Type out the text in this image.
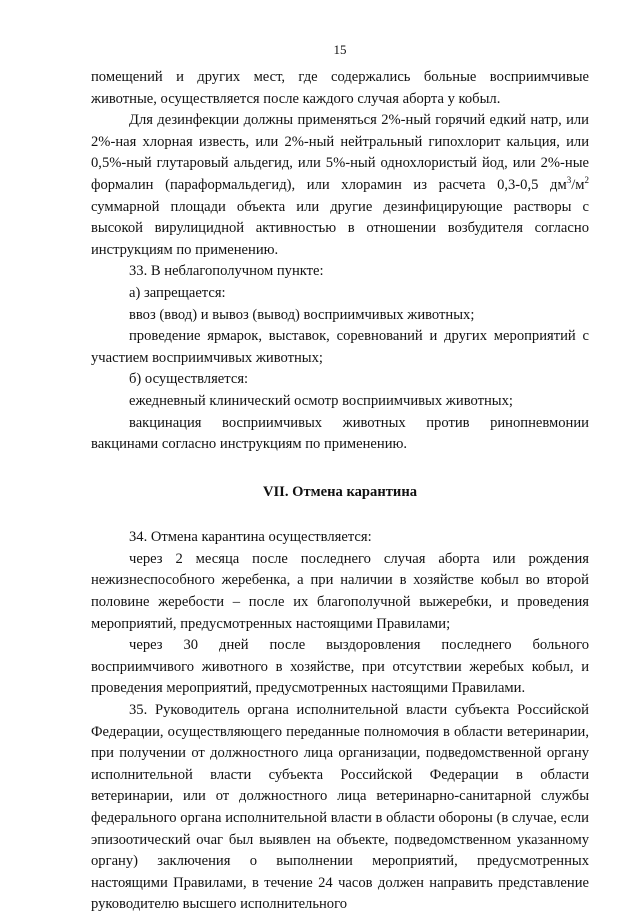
15

помещений и других мест, где содержались больные восприимчивые животные, осуществляется после каждого случая аборта у кобыл.

Для дезинфекции должны применяться 2%-ный горячий едкий натр, или 2%-ная хлорная известь, или 2%-ный нейтральный гипохлорит кальция, или 0,5%-ный глутаровый альдегид, или 5%-ный однохлористый йод, или 2%-ные формалин (параформальдегид), или хлорамин из расчета 0,3-0,5 $дм^3/м^2$ суммарной площади объекта или другие дезинфицирующие растворы с высокой вирулицидной активностью в отношении возбудителя согласно инструкциям по применению.

33. В неблагополучном пункте:

а) запрещается:

ввоз (ввод) и вывоз (вывод) восприимчивых животных;

проведение ярмарок, выставок, соревнований и других мероприятий с участием восприимчивых животных;

б) осуществляется:

ежедневный клинический осмотр восприимчивых животных;

вакцинация восприимчивых животных против ринопневмонии вакцинами согласно инструкциям по применению.

VII. Отмена карантина

34. Отмена карантина осуществляется:

через 2 месяца после последнего случая аборта или рождения нежизнеспособного жеребенка, а при наличии в хозяйстве кобыл во второй половине жеребости – после их благополучной выжеребки, и проведения мероприятий, предусмотренных настоящими Правилами;

через 30 дней после выздоровления последнего больного восприимчивого животного в хозяйстве, при отсутствии жеребых кобыл, и проведения мероприятий, предусмотренных настоящими Правилами.

35. Руководитель органа исполнительной власти субъекта Российской Федерации, осуществляющего переданные полномочия в области ветеринарии, при получении от должностного лица организации, подведомственной органу исполнительной власти субъекта Российской Федерации в области ветеринарии, или от должностного лица ветеринарно-санитарной службы федерального органа исполнительной власти в области обороны (в случае, если эпизоотический очаг был выявлен на объекте, подведомственном указанному органу) заключения о выполнении мероприятий, предусмотренных настоящими Правилами, в течение 24 часов должен направить представление руководителю высшего исполнительного
